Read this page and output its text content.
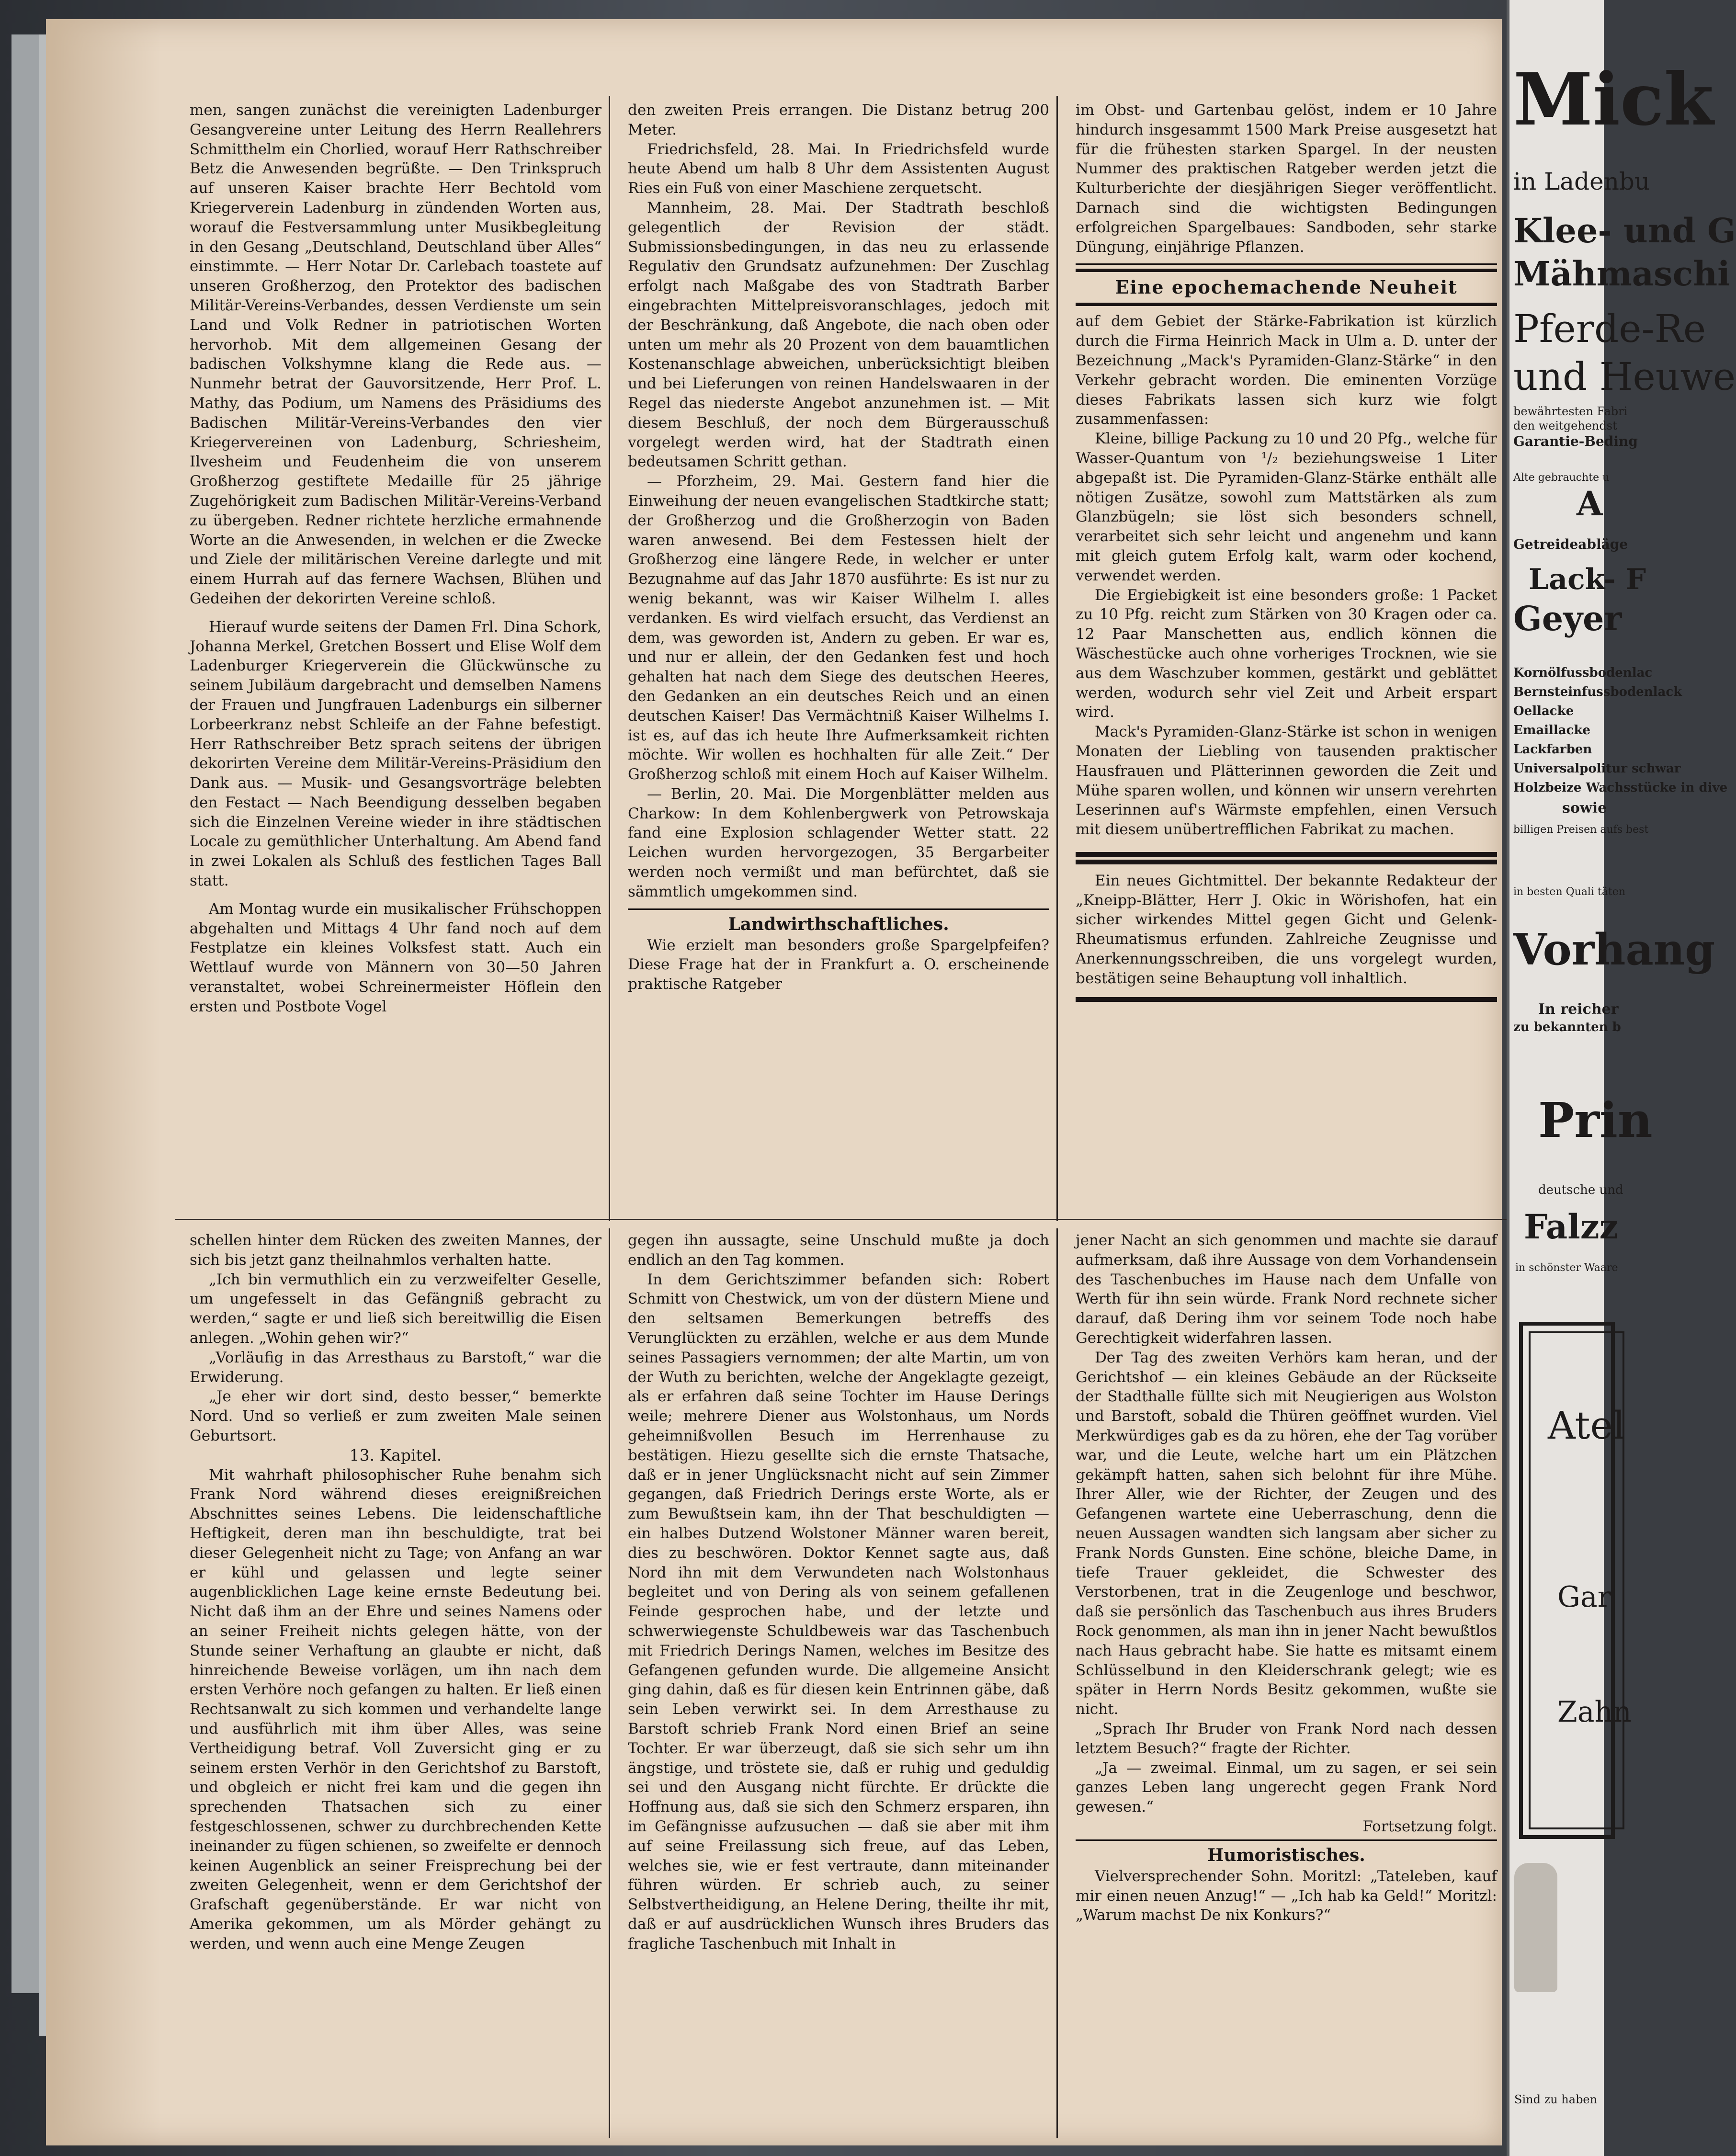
men, sangen zunächst die vereinigten Ladenburger Gesangvereine unter Leitung des Herrn Reallehrers Schmitthelm ein Chorlied, worauf Herr Rathschreiber Betz die Anwesenden begrüßte. — Den Trinkspruch auf unseren Kaiser brachte Herr Bechtold vom Kriegerverein Ladenburg in zündenden Worten aus, worauf die Festversammlung unter Musikbegleitung in den Gesang „Deutschland, Deutschland über Alles“ einstimmte. — Herr Notar Dr. Carlebach toastete auf unseren Großherzog, den Protektor des badischen Militär-Vereins-Verbandes, dessen Verdienste um sein Land und Volk Redner in patriotischen Worten hervorhob. Mit dem allgemeinen Gesang der badischen Volkshymne klang die Rede aus. — Nunmehr betrat der Gauvorsitzende, Herr Prof. L. Mathy, das Podium, um Namens des Präsidiums des Badischen Militär-Vereins-Verbandes den vier Kriegervereinen von Ladenburg, Schriesheim, Ilvesheim und Feudenheim die von unserem Großherzog gestiftete Medaille für 25 jährige Zugehörigkeit zum Badischen Militär-Vereins-Verband zu übergeben. Redner richtete herzliche ermahnende Worte an die Anwesenden, in welchen er die Zwecke und Ziele der militärischen Vereine darlegte und mit einem Hurrah auf das fernere Wachsen, Blühen und Gedeihen der dekorirten Vereine schloß.

Hierauf wurde seitens der Damen Frl. Dina Schork, Johanna Merkel, Gretchen Bossert und Elise Wolf dem Ladenburger Kriegerverein die Glückwünsche zu seinem Jubiläum dargebracht und demselben Namens der Frauen und Jungfrauen Ladenburgs ein silberner Lorbeerkranz nebst Schleife an der Fahne befestigt. Herr Rathschreiber Betz sprach seitens der übrigen dekorirten Vereine dem Militär-Vereins-Präsidium den Dank aus. — Musik- und Gesangsvorträge belebten den Festact — Nach Beendigung desselben begaben sich die Einzelnen Vereine wieder in ihre städtischen Locale zu gemüthlicher Unterhaltung. Am Abend fand in zwei Lokalen als Schluß des festlichen Tages Ball statt.

Am Montag wurde ein musikalischer Frühschoppen abgehalten und Mittags 4 Uhr fand noch auf dem Festplatze ein kleines Volksfest statt. Auch ein Wettlauf wurde von Männern von 30—50 Jahren veranstaltet, wobei Schreinermeister Höflein den ersten und Postbote Vogel

den zweiten Preis errangen. Die Distanz betrug 200 Meter.

Friedrichsfeld, 28. Mai. In Friedrichsfeld wurde heute Abend um halb 8 Uhr dem Assistenten August Ries ein Fuß von einer Maschiene zerquetscht.

Mannheim, 28. Mai. Der Stadtrath beschloß gelegentlich der Revision der städt. Submissionsbedingungen, in das neu zu erlassende Regulativ den Grundsatz aufzunehmen: Der Zuschlag erfolgt nach Maßgabe des von Stadtrath Barber eingebrachten Mittelpreisvoranschlages, jedoch mit der Beschränkung, daß Angebote, die nach oben oder unten um mehr als 20 Prozent von dem bauamtlichen Kostenanschlage abweichen, unberücksichtigt bleiben und bei Lieferungen von reinen Handelswaaren in der Regel das niederste Angebot anzunehmen ist. — Mit diesem Beschluß, der noch dem Bürgerausschuß vorgelegt werden wird, hat der Stadtrath einen bedeutsamen Schritt gethan.

— Pforzheim, 29. Mai. Gestern fand hier die Einweihung der neuen evangelischen Stadtkirche statt; der Großherzog und die Großherzogin von Baden waren anwesend. Bei dem Festessen hielt der Großherzog eine längere Rede, in welcher er unter Bezugnahme auf das Jahr 1870 ausführte: Es ist nur zu wenig bekannt, was wir Kaiser Wilhelm I. alles verdanken. Es wird vielfach ersucht, das Verdienst an dem, was geworden ist, Andern zu geben. Er war es, und nur er allein, der den Gedanken fest und hoch gehalten hat nach dem Siege des deutschen Heeres, den Gedanken an ein deutsches Reich und an einen deutschen Kaiser! Das Vermächtniß Kaiser Wilhelms I. ist es, auf das ich heute Ihre Aufmerksamkeit richten möchte. Wir wollen es hochhalten für alle Zeit.“ Der Großherzog schloß mit einem Hoch auf Kaiser Wilhelm.

— Berlin, 20. Mai. Die Morgenblätter melden aus Charkow: In dem Kohlenbergwerk von Petrowskaja fand eine Explosion schlagender Wetter statt. 22 Leichen wurden hervorgezogen, 35 Bergarbeiter werden noch vermißt und man befürchtet, daß sie sämmtlich umgekommen sind.

Landwirthschaftliches.

Wie erzielt man besonders große Spargelpfeifen? Diese Frage hat der in Frankfurt a. O. erscheinende praktische Ratgeber

im Obst- und Gartenbau gelöst, indem er 10 Jahre hindurch insgesammt 1500 Mark Preise ausgesetzt hat für die frühesten starken Spargel. In der neusten Nummer des praktischen Ratgeber werden jetzt die Kulturberichte der diesjährigen Sieger veröffentlicht. Darnach sind die wichtigsten Bedingungen erfolgreichen Spargelbaues: Sandboden, sehr starke Düngung, einjährige Pflanzen.

Eine epochemachende Neuheit

auf dem Gebiet der Stärke-Fabrikation ist kürzlich durch die Firma Heinrich Mack in Ulm a. D. unter der Bezeichnung „Mack's Pyramiden-Glanz-Stärke“ in den Verkehr gebracht worden. Die eminenten Vorzüge dieses Fabrikats lassen sich kurz wie folgt zusammenfassen:

Kleine, billige Packung zu 10 und 20 Pfg., welche für Wasser-Quantum von ¹/₂ beziehungsweise 1 Liter abgepaßt ist. Die Pyramiden-Glanz-Stärke enthält alle nötigen Zusätze, sowohl zum Mattstärken als zum Glanzbügeln; sie löst sich besonders schnell, verarbeitet sich sehr leicht und angenehm und kann mit gleich gutem Erfolg kalt, warm oder kochend, verwendet werden.

Die Ergiebigkeit ist eine besonders große: 1 Packet zu 10 Pfg. reicht zum Stärken von 30 Kragen oder ca. 12 Paar Manschetten aus, endlich können die Wäschestücke auch ohne vorheriges Trocknen, wie sie aus dem Waschzuber kommen, gestärkt und geblättet werden, wodurch sehr viel Zeit und Arbeit erspart wird.

Mack's Pyramiden-Glanz-Stärke ist schon in wenigen Monaten der Liebling von tausenden praktischer Hausfrauen und Plätterinnen geworden die Zeit und Mühe sparen wollen, und können wir unsern verehrten Leserinnen auf's Wärmste empfehlen, einen Versuch mit diesem unübertrefflichen Fabrikat zu machen.

Ein neues Gichtmittel. Der bekannte Redakteur der „Kneipp-Blätter, Herr J. Okic in Wörishofen, hat ein sicher wirkendes Mittel gegen Gicht und Gelenk-Rheumatismus erfunden. Zahlreiche Zeugnisse und Anerkennungsschreiben, die uns vorgelegt wurden, bestätigen seine Behauptung voll inhaltlich.

schellen hinter dem Rücken des zweiten Mannes, der sich bis jetzt ganz theilnahmlos verhalten hatte.

„Ich bin vermuthlich ein zu verzweifelter Geselle, um ungefesselt in das Gefängniß gebracht zu werden,“ sagte er und ließ sich bereitwillig die Eisen anlegen. „Wohin gehen wir?“

„Vorläufig in das Arresthaus zu Barstoft,“ war die Erwiderung.

„Je eher wir dort sind, desto besser,“ bemerkte Nord. Und so verließ er zum zweiten Male seinen Geburtsort.

13. Kapitel.

Mit wahrhaft philosophischer Ruhe benahm sich Frank Nord während dieses ereignißreichen Abschnittes seines Lebens. Die leidenschaftliche Heftigkeit, deren man ihn beschuldigte, trat bei dieser Gelegenheit nicht zu Tage; von Anfang an war er kühl und gelassen und legte seiner augenblicklichen Lage keine ernste Bedeutung bei. Nicht daß ihm an der Ehre und seines Namens oder an seiner Freiheit nichts gelegen hätte, von der Stunde seiner Verhaftung an glaubte er nicht, daß hinreichende Beweise vorlägen, um ihn nach dem ersten Verhöre noch gefangen zu halten. Er ließ einen Rechtsanwalt zu sich kommen und verhandelte lange und ausführlich mit ihm über Alles, was seine Vertheidigung betraf. Voll Zuversicht ging er zu seinem ersten Verhör in den Gerichtshof zu Barstoft, und obgleich er nicht frei kam und die gegen ihn sprechenden Thatsachen sich zu einer festgeschlossenen, schwer zu durchbrechenden Kette ineinander zu fügen schienen, so zweifelte er dennoch keinen Augenblick an seiner Freisprechung bei der zweiten Gelegenheit, wenn er dem Gerichtshof der Grafschaft gegenüberstände. Er war nicht von Amerika gekommen, um als Mörder gehängt zu werden, und wenn auch eine Menge Zeugen

gegen ihn aussagte, seine Unschuld mußte ja doch endlich an den Tag kommen.

In dem Gerichtszimmer befanden sich: Robert Schmitt von Chestwick, um von der düstern Miene und den seltsamen Bemerkungen betreffs des Verunglückten zu erzählen, welche er aus dem Munde seines Passagiers vernommen; der alte Martin, um von der Wuth zu berichten, welche der Angeklagte gezeigt, als er erfahren daß seine Tochter im Hause Derings weile; mehrere Diener aus Wolstonhaus, um Nords geheimnißvollen Besuch im Herrenhause zu bestätigen. Hiezu gesellte sich die ernste Thatsache, daß er in jener Unglücksnacht nicht auf sein Zimmer gegangen, daß Friedrich Derings erste Worte, als er zum Bewußtsein kam, ihn der That beschuldigten — ein halbes Dutzend Wolstoner Männer waren bereit, dies zu beschwören. Doktor Kennet sagte aus, daß Nord ihn mit dem Verwundeten nach Wolstonhaus begleitet und von Dering als von seinem gefallenen Feinde gesprochen habe, und der letzte und schwerwiegenste Schuldbeweis war das Taschenbuch mit Friedrich Derings Namen, welches im Besitze des Gefangenen gefunden wurde. Die allgemeine Ansicht ging dahin, daß es für diesen kein Entrinnen gäbe, daß sein Leben verwirkt sei. In dem Arresthause zu Barstoft schrieb Frank Nord einen Brief an seine Tochter. Er war überzeugt, daß sie sich sehr um ihn ängstige, und tröstete sie, daß er ruhig und geduldig sei und den Ausgang nicht fürchte. Er drückte die Hoffnung aus, daß sie sich den Schmerz ersparen, ihn im Gefängnisse aufzusuchen — daß sie aber mit ihm auf seine Freilassung sich freue, auf das Leben, welches sie, wie er fest vertraute, dann miteinander führen würden. Er schrieb auch, zu seiner Selbstvertheidigung, an Helene Dering, theilte ihr mit, daß er auf ausdrücklichen Wunsch ihres Bruders das fragliche Taschenbuch mit Inhalt in

jener Nacht an sich genommen und machte sie darauf aufmerksam, daß ihre Aussage von dem Vorhandensein des Taschenbuches im Hause nach dem Unfalle von Werth für ihn sein würde. Frank Nord rechnete sicher darauf, daß Dering ihm vor seinem Tode noch habe Gerechtigkeit widerfahren lassen.

Der Tag des zweiten Verhörs kam heran, und der Gerichtshof — ein kleines Gebäude an der Rückseite der Stadthalle füllte sich mit Neugierigen aus Wolston und Barstoft, sobald die Thüren geöffnet wurden. Viel Merkwürdiges gab es da zu hören, ehe der Tag vorüber war, und die Leute, welche hart um ein Plätzchen gekämpft hatten, sahen sich belohnt für ihre Mühe. Ihrer Aller, wie der Richter, der Zeugen und des Gefangenen wartete eine Ueberraschung, denn die neuen Aussagen wandten sich langsam aber sicher zu Frank Nords Gunsten. Eine schöne, bleiche Dame, in tiefe Trauer gekleidet, die Schwester des Verstorbenen, trat in die Zeugenloge und beschwor, daß sie persönlich das Taschenbuch aus ihres Bruders Rock genommen, als man ihn in jener Nacht bewußtlos nach Haus gebracht habe. Sie hatte es mitsamt einem Schlüsselbund in den Kleiderschrank gelegt; wie es später in Herrn Nords Besitz gekommen, wußte sie nicht.

„Sprach Ihr Bruder von Frank Nord nach dessen letztem Besuch?“ fragte der Richter.

„Ja — zweimal. Einmal, um zu sagen, er sei sein ganzes Leben lang ungerecht gegen Frank Nord gewesen.“

Fortsetzung folgt.

Humoristisches.

Vielversprechender Sohn. Moritzl: „Tateleben, kauf mir einen neuen Anzug!“ — „Ich hab ka Geld!“ Moritzl: „Warum machst De nix Konkurs?“

Mick
in Ladenbu
Klee- und G
Mähmaschi
Pferde-Re
und Heuwe
bewährtesten Fabri
den weitgehendst
Garantie-Beding
Alte gebrauchte u
A
Getreideabläge
Lack- F
Geyer
Kornölfussbodenlac
Bernsteinfussbodenlack
Oellacke
Emaillacke
Lackfarben
Universalpolitur schwar
Holzbeize Wachsstücke in dive
sowie
billigen Preisen aufs best
in besten Quali täten
Vorhang
In reicher
zu bekannten b
Prin
deutsche und
Falzz
in schönster Waare
Atel
Gar
Zahn
Sind zu haben
